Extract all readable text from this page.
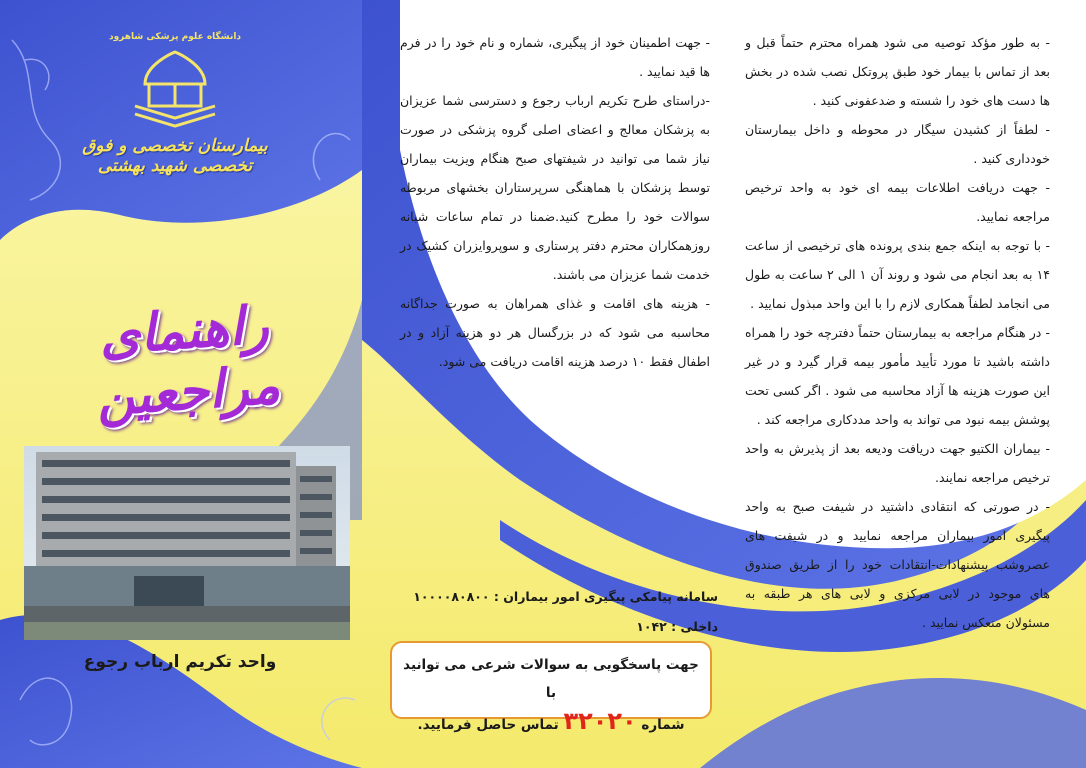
دانشگاه علوم پزشکی شاهرود
بیمارستان تخصصی و فوق تخصصی شهید بهشتی
راهنمای مراجعین
واحد تکریم ارباب رجوع

- جهت اطمینان خود از پیگیری، شماره و نام خود را در فرم ها قید نمایید .

-دراستای طرح تکریم ارباب رجوع و دسترسی شما عزیزان به پزشکان معالج و اعضای اصلی گروه پزشکی در صورت نیاز شما می توانید در شیفتهای صبح هنگام ویزیت بیماران توسط پزشکان با هماهنگی سرپرستاران بخشهای مربوطه سوالات خود را مطرح کنید.ضمنا در تمام ساعات شبانه روزهمکاران محترم دفتر پرستاری و سوپروایزران کشیک در خدمت شما عزیزان می باشند.

- هزینه های اقامت و غذای همراهان به صورت جداگانه محاسبه می شود که در بزرگسال هر دو هزینه آزاد و در اطفال فقط ۱۰ درصد هزینه اقامت دریافت می شود.

سامانه پیامکی پیگیری امور بیماران : ۱۰۰۰۰۸۰۸۰۰

داخلی : ۱۰۴۲

جهت پاسخگویی به سوالات شرعی می توانید با
شماره ۳۲۰۲۰ تماس حاصل فرمایید.

- به طور مؤکد توصیه می شود همراه محترم حتماً قبل و بعد از تماس با بیمار خود طبق پروتکل نصب شده در بخش ها دست های خود را شسته و ضدعفونی کنید .

- لطفاً از کشیدن سیگار در محوطه و داخل بیمارستان خودداری کنید .

- جهت دریافت اطلاعات بیمه ای خود به واحد ترخیص مراجعه نمایید.

- با توجه به اینکه جمع بندی پرونده های ترخیصی از ساعت ۱۴ به بعد انجام می شود و روند آن ۱ الی ۲ ساعت به طول می انجامد لطفاً همکاری لازم را با این واحد مبذول نمایید .

- در هنگام مراجعه به بیمارستان حتماً دفترچه خود را همراه داشته باشید تا مورد تأیید مأمور بیمه قرار گیرد و در غیر این صورت هزینه ها آزاد محاسبه می شود . اگر کسی تحت پوشش بیمه نبود می تواند به واحد مددکاری مراجعه کند .

- بیماران الکتیو جهت دریافت ودیعه بعد از پذیرش به واحد ترخیص مراجعه نمایند.

- در صورتی که انتقادی داشتید در شیفت صبح به واحد پیگیری امور بیماران مراجعه نمایید و در شیفت های عصروشب پیشنهادات-انتقادات خود را از طریق صندوق های موجود در لابی مرکزی و لابی های هر طبقه به مسئولان منعکس نمایید .
